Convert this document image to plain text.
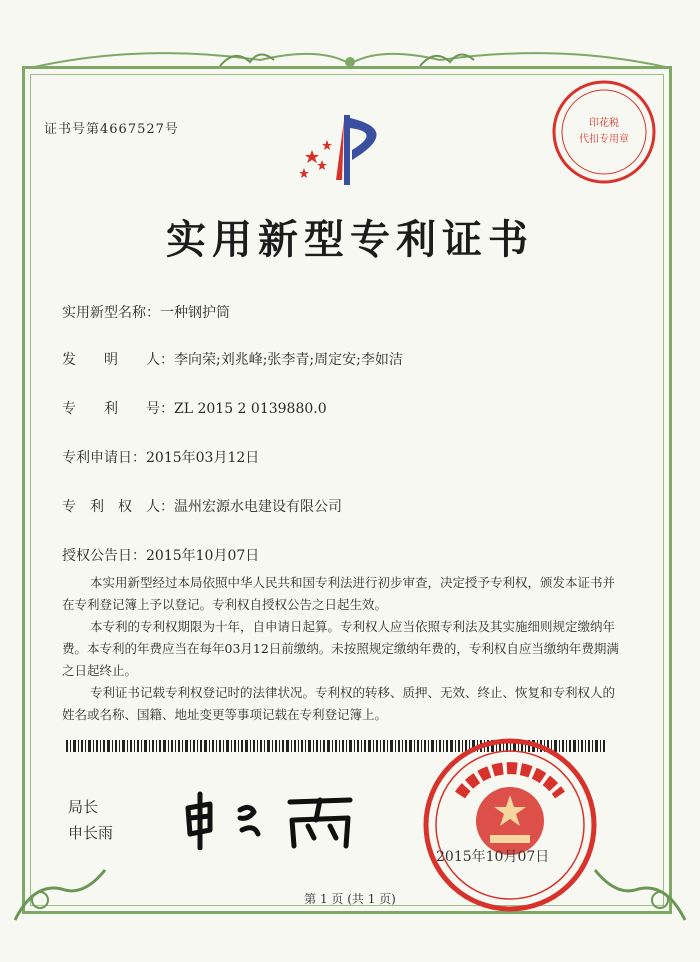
证书号第4667527号	印花税
代扣专用章
实用新型专利证书
实用新型名称：一种钢护筒
发　　明　　人：李向荣;刘兆峰;张李青;周定安;李如洁
专　　利　　号：ZL 2015 2 0139880.0
专利申请日：2015年03月12日
专　利　权　人：温州宏源水电建设有限公司
授权公告日：2015年10月07日
本实用新型经过本局依照中华人民共和国专利法进行初步审查，决定授予专利权，颁发本证书并在专利登记簿上予以登记。专利权自授权公告之日起生效。
本专利的专利权期限为十年，自申请日起算。专利权人应当依照专利法及其实施细则规定缴纳年费。本专利的年费应当在每年03月12日前缴纳。未按照规定缴纳年费的，专利权自应当缴纳年费期满之日起终止。
专利证书记载专利权登记时的法律状况。专利权的转移、质押、无效、终止、恢复和专利权人的姓名或名称、国籍、地址变更等事项记载在专利登记簿上。
局长
申长雨
2015年10月07日
第 1 页 (共 1 页)
